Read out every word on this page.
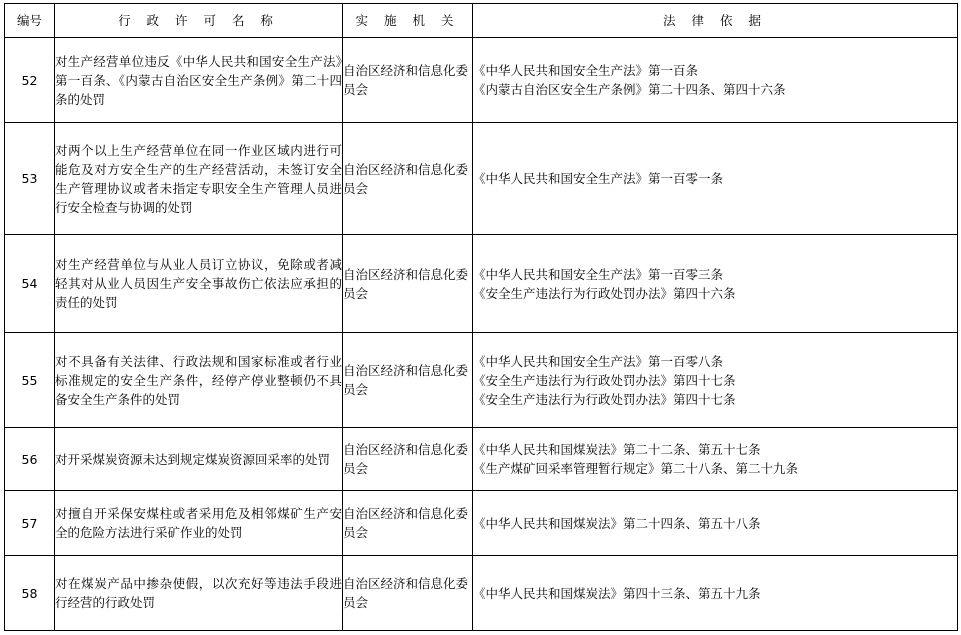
编号	行 政 许 可 名 称	实 施 机 关	法 律 依 据
52	对生产经营单位违反《中华人民共和国安全生产法》第一百条、《内蒙古自治区安全生产条例》第二十四条的处罚	自治区经济和信息化委员会	《中华人民共和国安全生产法》第一百条
《内蒙古自治区安全生产条例》第二十四条、第四十六条

53	对两个以上生产经营单位在同一作业区域内进行可能危及对方安全生产的生产经营活动，未签订安全生产管理协议或者未指定专职安全生产管理人员进行安全检查与协调的处罚	自治区经济和信息化委员会	《中华人民共和国安全生产法》第一百零一条

54	对生产经营单位与从业人员订立协议，免除或者减轻其对从业人员因生产安全事故伤亡依法应承担的责任的处罚	自治区经济和信息化委员会	《中华人民共和国安全生产法》第一百零三条
《安全生产违法行为行政处罚办法》第四十六条

55	对不具备有关法律、行政法规和国家标准或者行业标准规定的安全生产条件，经停产停业整顿仍不具备安全生产条件的处罚	自治区经济和信息化委员会	《中华人民共和国安全生产法》第一百零八条
《安全生产违法行为行政处罚办法》第四十七条
《安全生产违法行为行政处罚办法》第四十七条

56	对开采煤炭资源未达到规定煤炭资源回采率的处罚	自治区经济和信息化委员会	《中华人民共和国煤炭法》第二十二条、第五十七条
《生产煤矿回采率管理暂行规定》第二十八条、第二十九条

57	对擅自开采保安煤柱或者采用危及相邻煤矿生产安全的危险方法进行采矿作业的处罚	自治区经济和信息化委员会	《中华人民共和国煤炭法》第二十四条、第五十八条

58	对在煤炭产品中掺杂使假，以次充好等违法手段进行经营的行政处罚	自治区经济和信息化委员会	《中华人民共和国煤炭法》第四十三条、第五十九条
